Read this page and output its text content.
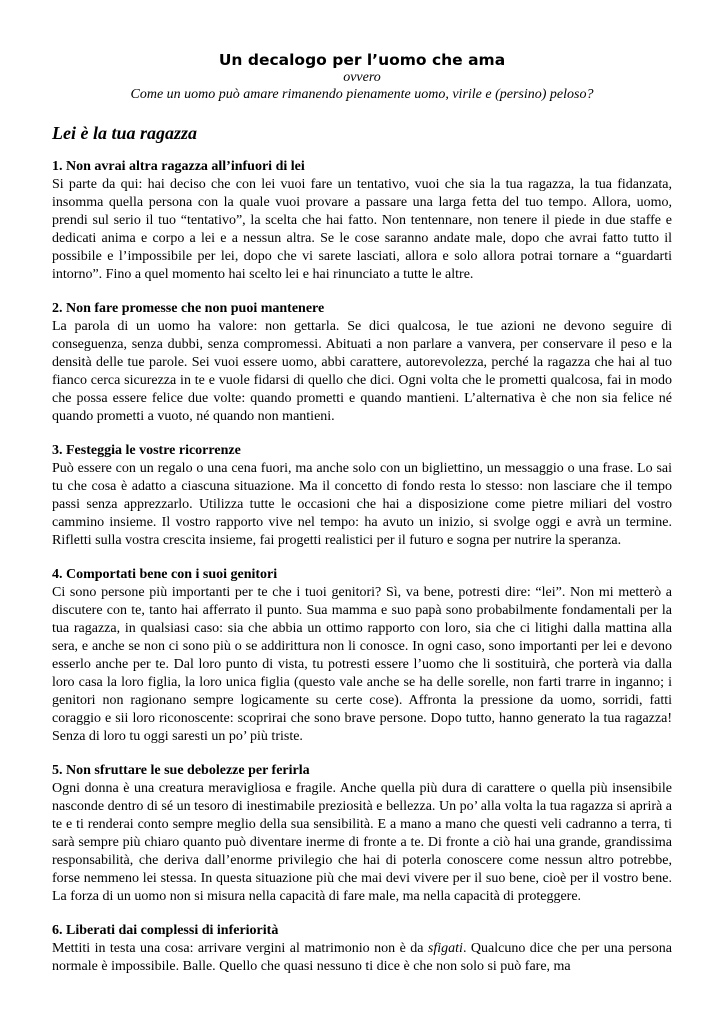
Un decalogo per l’uomo che ama

ovvero

Come un uomo può amare rimanendo pienamente uomo, virile e (persino) peloso?

Lei è la tua ragazza

1. Non avrai altra ragazza all’infuori di lei

Si parte da qui: hai deciso che con lei vuoi fare un tentativo, vuoi che sia la tua ragazza, la tua fidanzata, insomma quella persona con la quale vuoi provare a passare una larga fetta del tuo tempo. Allora, uomo, prendi sul serio il tuo “tentativo”, la scelta che hai fatto. Non tentennare, non tenere il piede in due staffe e dedicati anima e corpo a lei e a nessun altra. Se le cose saranno andate male, dopo che avrai fatto tutto il possibile e l’impossibile per lei, dopo che vi sarete lasciati, allora e solo allora potrai tornare a “guardarti intorno”. Fino a quel momento hai scelto lei e hai rinunciato a tutte le altre.

2. Non fare promesse che non puoi mantenere

La parola di un uomo ha valore: non gettarla. Se dici qualcosa, le tue azioni ne devono seguire di conseguenza, senza dubbi, senza compromessi. Abituati a non parlare a vanvera, per conservare il peso e la densità delle tue parole. Sei vuoi essere uomo, abbi carattere, autorevolezza, perché la ragazza che hai al tuo fianco cerca sicurezza in te e vuole fidarsi di quello che dici. Ogni volta che le prometti qualcosa, fai in modo che possa essere felice due volte: quando prometti e quando mantieni. L’alternativa è che non sia felice né quando prometti a vuoto, né quando non mantieni.

3. Festeggia le vostre ricorrenze

Può essere con un regalo o una cena fuori, ma anche solo con un bigliettino, un messaggio o una frase. Lo sai tu che cosa è adatto a ciascuna situazione. Ma il concetto di fondo resta lo stesso: non lasciare che il tempo passi senza apprezzarlo. Utilizza tutte le occasioni che hai a disposizione come pietre miliari del vostro cammino insieme. Il vostro rapporto vive nel tempo: ha avuto un inizio, si svolge oggi e avrà un termine. Rifletti sulla vostra crescita insieme, fai progetti realistici per il futuro e sogna per nutrire la speranza.

4. Comportati bene con i suoi genitori

Ci sono persone più importanti per te che i tuoi genitori? Sì, va bene, potresti dire: “lei”. Non mi metterò a discutere con te, tanto hai afferrato il punto. Sua mamma e suo papà sono probabilmente fondamentali per la tua ragazza, in qualsiasi caso: sia che abbia un ottimo rapporto con loro, sia che ci litighi dalla mattina alla sera, e anche se non ci sono più o se addirittura non li conosce. In ogni caso, sono importanti per lei e devono esserlo anche per te. Dal loro punto di vista, tu potresti essere l’uomo che li sostituirà, che porterà via dalla loro casa la loro figlia, la loro unica figlia (questo vale anche se ha delle sorelle, non farti trarre in inganno; i genitori non ragionano sempre logicamente su certe cose). Affronta la pressione da uomo, sorridi, fatti coraggio e sii loro riconoscente: scoprirai che sono brave persone. Dopo tutto, hanno generato la tua ragazza! Senza di loro tu oggi saresti un po’ più triste.

5. Non sfruttare le sue debolezze per ferirla

Ogni donna è una creatura meravigliosa e fragile. Anche quella più dura di carattere o quella più insensibile nasconde dentro di sé un tesoro di inestimabile preziosità e bellezza. Un po’ alla volta la tua ragazza si aprirà a te e ti renderai conto sempre meglio della sua sensibilità. E a mano a mano che questi veli cadranno a terra, ti sarà sempre più chiaro quanto può diventare inerme di fronte a te. Di fronte a ciò hai una grande, grandissima responsabilità, che deriva dall’enorme privilegio che hai di poterla conoscere come nessun altro potrebbe, forse nemmeno lei stessa. In questa situazione più che mai devi vivere per il suo bene, cioè per il vostro bene. La forza di un uomo non si misura nella capacità di fare male, ma nella capacità di proteggere.

6. Liberati dai complessi di inferiorità

Mettiti in testa una cosa: arrivare vergini al matrimonio non è da sfigati. Qualcuno dice che per una persona normale è impossibile. Balle. Quello che quasi nessuno ti dice è che non solo si può fare, ma
